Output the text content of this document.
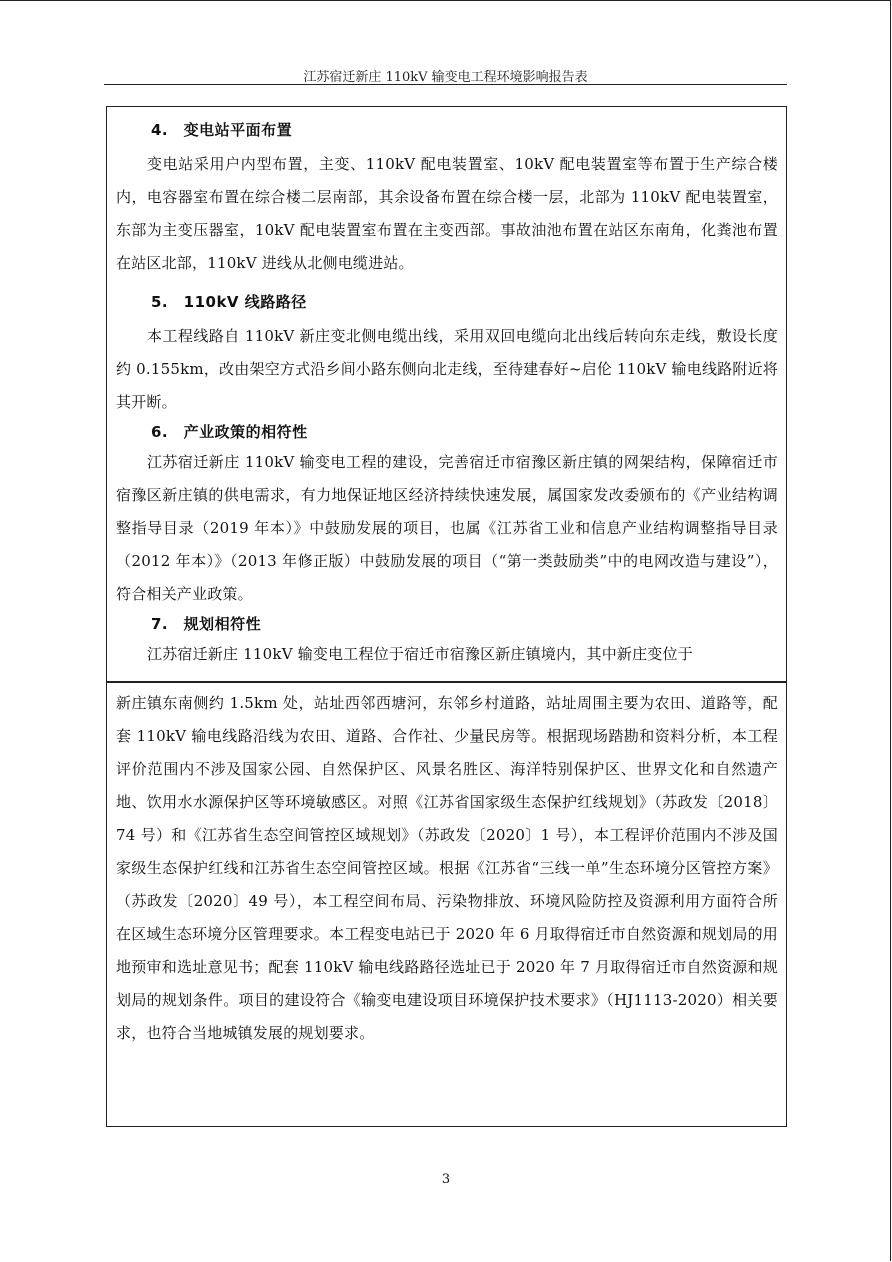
江苏宿迁新庄 110kV 输变电工程环境影响报告表
4.　变电站平面布置
变电站采用户内型布置，主变、110kV 配电装置室、10kV 配电装置室等布置于生产综合楼内，电容器室布置在综合楼二层南部，其余设备布置在综合楼一层，北部为 110kV 配电装置室，东部为主变压器室，10kV 配电装置室布置在主变西部。事故油池布置在站区东南角，化粪池布置在站区北部，110kV 进线从北侧电缆进站。
5.　110kV 线路路径
本工程线路自 110kV 新庄变北侧电缆出线，采用双回电缆向北出线后转向东走线，敷设长度约 0.155km，改由架空方式沿乡间小路东侧向北走线，至待建春好~启伦 110kV 输电线路附近将其开断。
6.　产业政策的相符性
江苏宿迁新庄 110kV 输变电工程的建设，完善宿迁市宿豫区新庄镇的网架结构，保障宿迁市宿豫区新庄镇的供电需求，有力地保证地区经济持续快速发展，属国家发改委颁布的《产业结构调整指导目录（2019 年本）》中鼓励发展的项目，也属《江苏省工业和信息产业结构调整指导目录（2012 年本）》（2013 年修正版）中鼓励发展的项目（“第一类鼓励类”中的电网改造与建设”），符合相关产业政策。
7.　规划相符性
江苏宿迁新庄 110kV 输变电工程位于宿迁市宿豫区新庄镇境内，其中新庄变位于
新庄镇东南侧约 1.5km 处，站址西邻西塘河，东邻乡村道路，站址周围主要为农田、道路等，配套 110kV 输电线路沿线为农田、道路、合作社、少量民房等。根据现场踏勘和资料分析，本工程评价范围内不涉及国家公园、自然保护区、风景名胜区、海洋特别保护区、世界文化和自然遗产地、饮用水水源保护区等环境敏感区。对照《江苏省国家级生态保护红线规划》（苏政发〔2018〕74 号）和《江苏省生态空间管控区域规划》（苏政发〔2020〕1 号），本工程评价范围内不涉及国家级生态保护红线和江苏省生态空间管控区域。根据《江苏省“三线一单”生态环境分区管控方案》（苏政发〔2020〕49 号），本工程空间布局、污染物排放、环境风险防控及资源利用方面符合所在区域生态环境分区管理要求。本工程变电站已于 2020 年 6 月取得宿迁市自然资源和规划局的用地预审和选址意见书；配套 110kV 输电线路路径选址已于 2020 年 7 月取得宿迁市自然资源和规划局的规划条件。项目的建设符合《输变电建设项目环境保护技术要求》（HJ1113-2020）相关要求，也符合当地城镇发展的规划要求。
3
